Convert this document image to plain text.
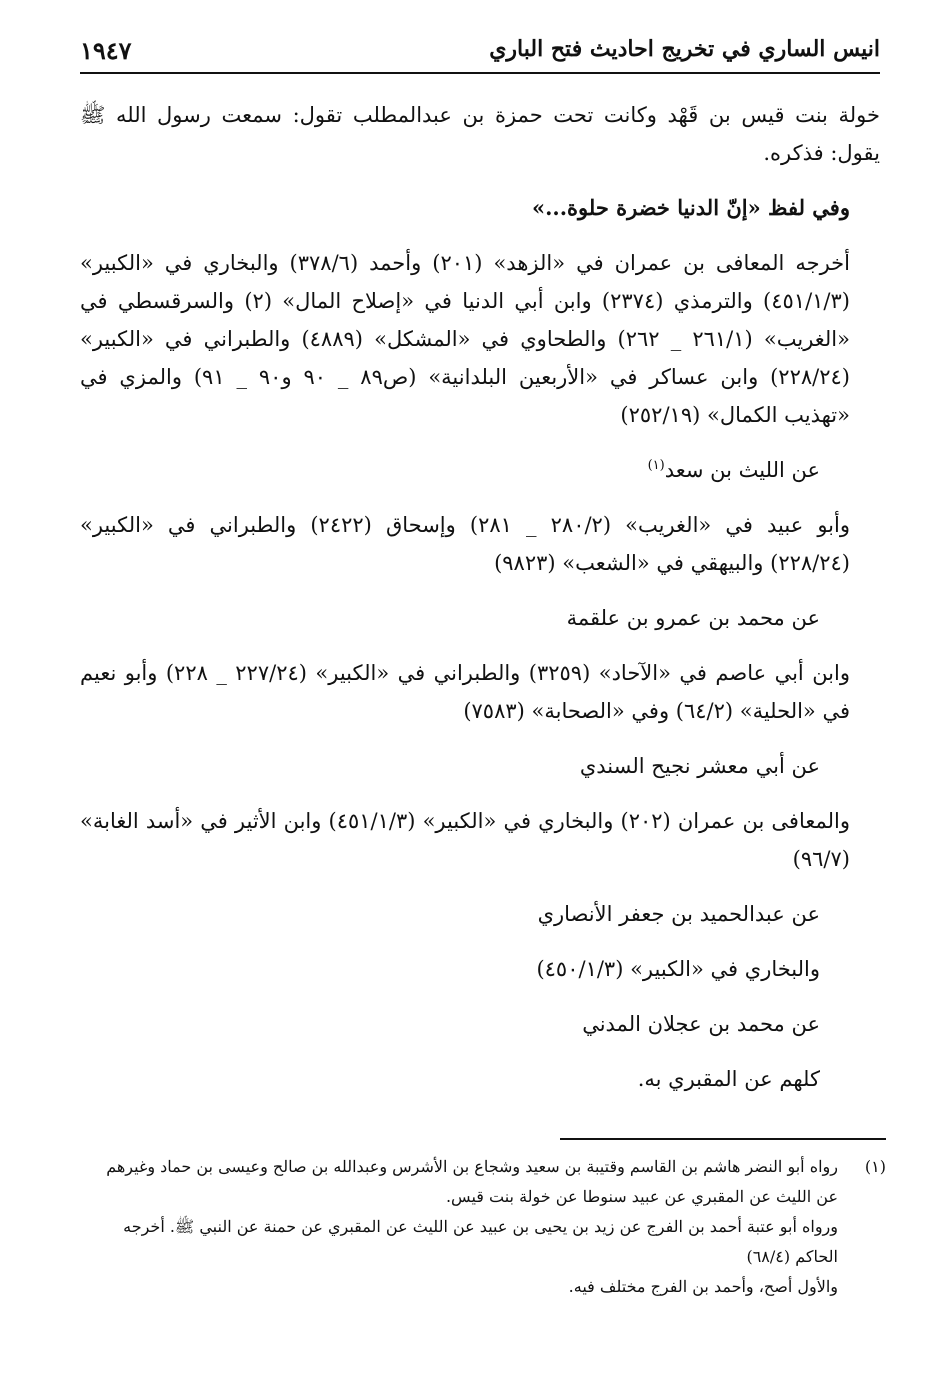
انيس الساري في تخريج احاديث فتح الباري
١٩٤٧

خولة بنت قيس بن قَهْد وكانت تحت حمزة بن عبدالمطلب تقول: سمعت رسول الله ﷺ يقول: فذكره.

وفي لفظ «إنّ الدنيا خضرة حلوة...»

أخرجه المعافى بن عمران في «الزهد» (٢٠١) وأحمد (٣٧٨/٦) والبخاري في «الكبير» (٤٥١/١/٣) والترمذي (٢٣٧٤) وابن أبي الدنيا في «إصلاح المال» (٢) والسرقسطي في «الغريب» (٢٦١/١ _ ٢٦٢) والطحاوي في «المشكل» (٤٨٨٩) والطبراني في «الكبير» (٢٢٨/٢٤) وابن عساكر في «الأربعين البلدانية» (ص٨٩ _ ٩٠ و٩٠ _ ٩١) والمزي في «تهذيب الكمال» (٢٥٢/١٩)

عن الليث بن سعد$^{(١)}$

وأبو عبيد في «الغريب» (٢٨٠/٢ _ ٢٨١) وإسحاق (٢٤٢٢) والطبراني في «الكبير» (٢٢٨/٢٤) والبيهقي في «الشعب» (٩٨٢٣)

عن محمد بن عمرو بن علقمة

وابن أبي عاصم في «الآحاد» (٣٢٥٩) والطبراني في «الكبير» (٢٢٧/٢٤ _ ٢٢٨) وأبو نعيم في «الحلية» (٦٤/٢) وفي «الصحابة» (٧٥٨٣)

عن أبي معشر نجيح السندي

والمعافى بن عمران (٢٠٢) والبخاري في «الكبير» (٤٥١/١/٣) وابن الأثير في «أسد الغابة» (٩٦/٧)

عن عبدالحميد بن جعفر الأنصاري

والبخاري في «الكبير» (٤٥٠/١/٣)

عن محمد بن عجلان المدني

كلهم عن المقبري به.

(١)
رواه أبو النضر هاشم بن القاسم وقتيبة بن سعيد وشجاع بن الأشرس وعبدالله بن صالح وعيسى بن حماد وغيرهم عن الليث عن المقبري عن عبيد سنوطا عن خولة بنت قيس.
ورواه أبو عتبة أحمد بن الفرج عن زيد بن يحيى بن عبيد عن الليث عن المقبري عن حمنة عن النبي ﷺ. أخرجه الحاكم (٦٨/٤)
والأول أصح، وأحمد بن الفرج مختلف فيه.
